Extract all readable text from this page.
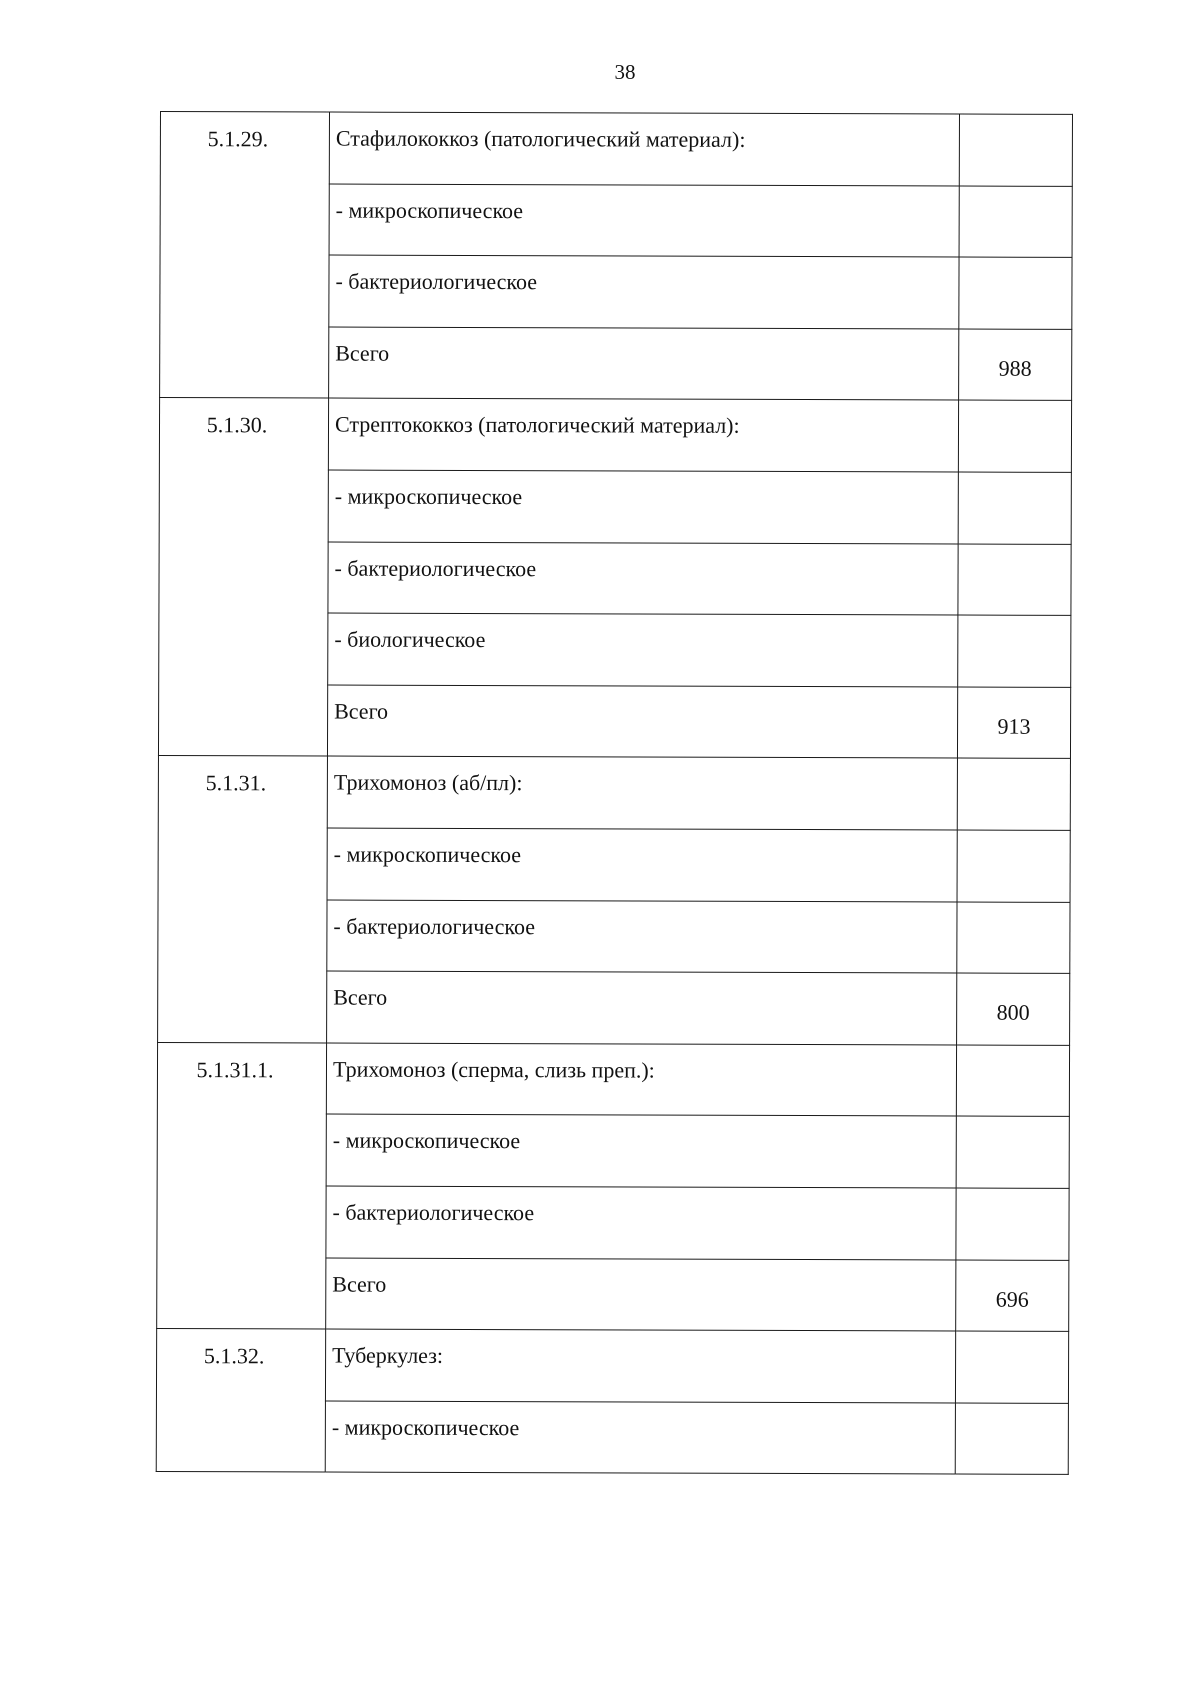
38
5.1.29.	Стафилококкоз (патологический материал):	
	- микроскопическое	
	- бактериологическое	
	Всего	988
5.1.30.	Стрептококкоз (патологический материал):	
	- микроскопическое	
	- бактериологическое	
	- биологическое	
	Всего	913
5.1.31.	Трихомоноз (аб/пл):	
	- микроскопическое	
	- бактериологическое	
	Всего	800
5.1.31.1.	Трихомоноз (сперма, слизь преп.):	
	- микроскопическое	
	- бактериологическое	
	Всего	696
5.1.32.	Туберкулез:	
	- микроскопическое	
